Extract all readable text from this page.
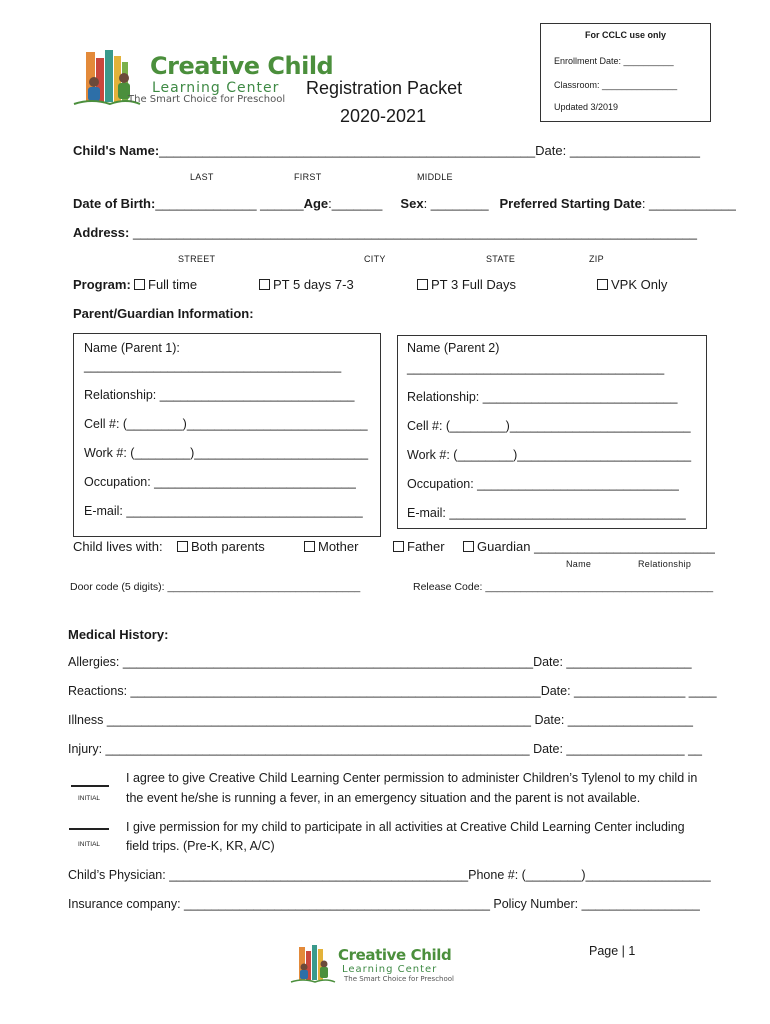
Creative Child
Learning Center
The Smart Choice for Preschool
Registration Packet
2020-2021
For CCLC use only
Enrollment Date: __________
Classroom: _______________
Updated 3/2019
Child's Name:____________________________________________________Date: __________________
LAST	FIRST	MIDDLE
Date of Birth:______________ ______Age:_______ Sex: ________ Preferred Starting Date: ____________
Address: ______________________________________________________________________________
STREET	CITY	STATE	ZIP
Program:	Full time	PT 5 days 7-3	PT 3 Full Days	VPK Only
Parent/Guardian Information:
Name (Parent 1):
_____________________________________
Relationship: ____________________________
Cell #: (________)__________________________
Work #: (________)_________________________
Occupation: _____________________________
E-mail: __________________________________
Name (Parent 2)
_____________________________________
Relationship: ____________________________
Cell #: (________)__________________________
Work #: (________)_________________________
Occupation: _____________________________
E-mail: __________________________________
Child lives with:	Both parents	Mother	Father	Guardian _________________________
Name	Relationship
Door code (5 digits): _________________________________	Release Code: _______________________________________
Medical History:
Allergies: ___________________________________________________________Date: __________________
Reactions: ___________________________________________________________Date: ________________ ____
Illness _____________________________________________________________ Date: __________________
Injury: _____________________________________________________________ Date: _________________ __
INITIAL
I agree to give Creative Child Learning Center permission to administer Children’s Tylenol to my child in
the event he/she is running a fever, in an emergency situation and the parent is not available.
INITIAL
I give permission for my child to participate in all activities at Creative Child Learning Center including
field trips. (Pre-K, KR, A/C)
Child’s Physician: ___________________________________________Phone #: (________)__________________
Insurance company: ____________________________________________ Policy Number: _________________
Page | 1
Creative Child
Learning Center
The Smart Choice for Preschool
